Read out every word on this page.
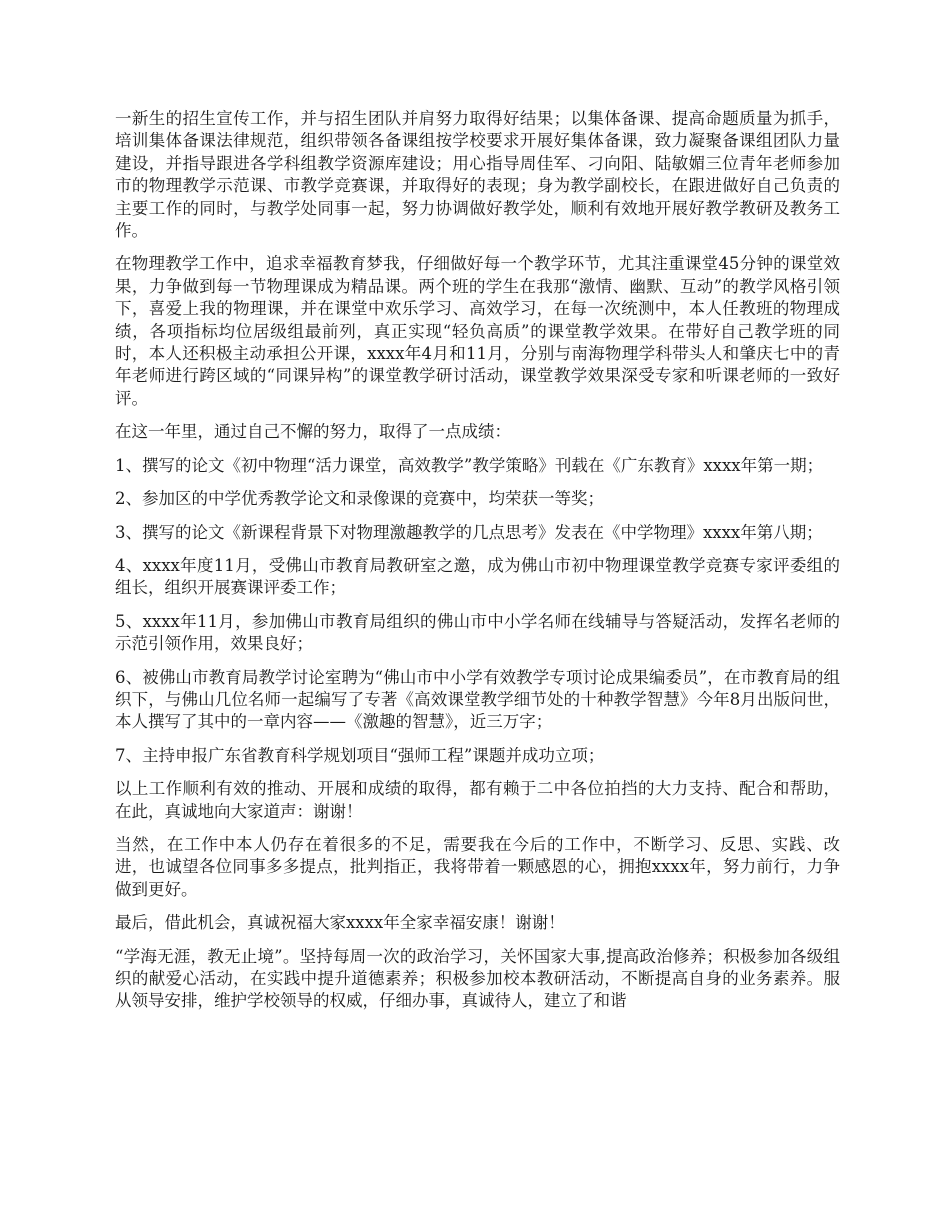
一新生的招生宣传工作，并与招生团队并肩努力取得好结果；以集体备课、提高命题质量为抓手，培训集体备课法律规范，组织带领各备课组按学校要求开展好集体备课，致力凝聚备课组团队力量建设，并指导跟进各学科组教学资源库建设；用心指导周佳军、刁向阳、陆敏媚三位青年老师参加市的物理教学示范课、市教学竞赛课，并取得好的表现；身为教学副校长，在跟进做好自己负责的主要工作的同时，与教学处同事一起，努力协调做好教学处，顺利有效地开展好教学教研及教务工作。

在物理教学工作中，追求幸福教育梦我，仔细做好每一个教学环节，尤其注重课堂45分钟的课堂效果，力争做到每一节物理课成为精品课。两个班的学生在我那“激情、幽默、互动”的教学风格引领下，喜爱上我的物理课，并在课堂中欢乐学习、高效学习，在每一次统测中，本人任教班的物理成绩，各项指标均位居级组最前列，真正实现“轻负高质”的课堂教学效果。在带好自己教学班的同时，本人还积极主动承担公开课，xxxx年4月和11月，分别与南海物理学科带头人和肇庆七中的青年老师进行跨区域的“同课异构”的课堂教学研讨活动，课堂教学效果深受专家和听课老师的一致好评。

在这一年里，通过自己不懈的努力，取得了一点成绩：

1、撰写的论文《初中物理“活力课堂，高效教学”教学策略》刊载在《广东教育》xxxx年第一期；

2、参加区的中学优秀教学论文和录像课的竞赛中，均荣获一等奖；

3、撰写的论文《新课程背景下对物理激趣教学的几点思考》发表在《中学物理》xxxx年第八期；

4、xxxx年度11月，受佛山市教育局教研室之邀，成为佛山市初中物理课堂教学竞赛专家评委组的组长，组织开展赛课评委工作；

5、xxxx年11月，参加佛山市教育局组织的佛山市中小学名师在线辅导与答疑活动，发挥名老师的示范引领作用，效果良好；

6、被佛山市教育局教学讨论室聘为“佛山市中小学有效教学专项讨论成果编委员”，在市教育局的组织下，与佛山几位名师一起编写了专著《高效课堂教学细节处的十种教学智慧》今年8月出版问世，本人撰写了其中的一章内容——《激趣的智慧》，近三万字；

7、主持申报广东省教育科学规划项目“强师工程”课题并成功立项；

以上工作顺利有效的推动、开展和成绩的取得，都有赖于二中各位拍挡的大力支持、配合和帮助，在此，真诚地向大家道声：谢谢！

当然，在工作中本人仍存在着很多的不足，需要我在今后的工作中，不断学习、反思、实践、改进，也诚望各位同事多多提点，批判指正，我将带着一颗感恩的心，拥抱xxxx年，努力前行，力争做到更好。

最后，借此机会，真诚祝福大家xxxx年全家幸福安康！谢谢！

“学海无涯，教无止境”。坚持每周一次的政治学习，关怀国家大事,提高政治修养；积极参加各级组织的献爱心活动，在实践中提升道德素养；积极参加校本教研活动，不断提高自身的业务素养。服从领导安排，维护学校领导的权威，仔细办事，真诚待人，建立了和谐
